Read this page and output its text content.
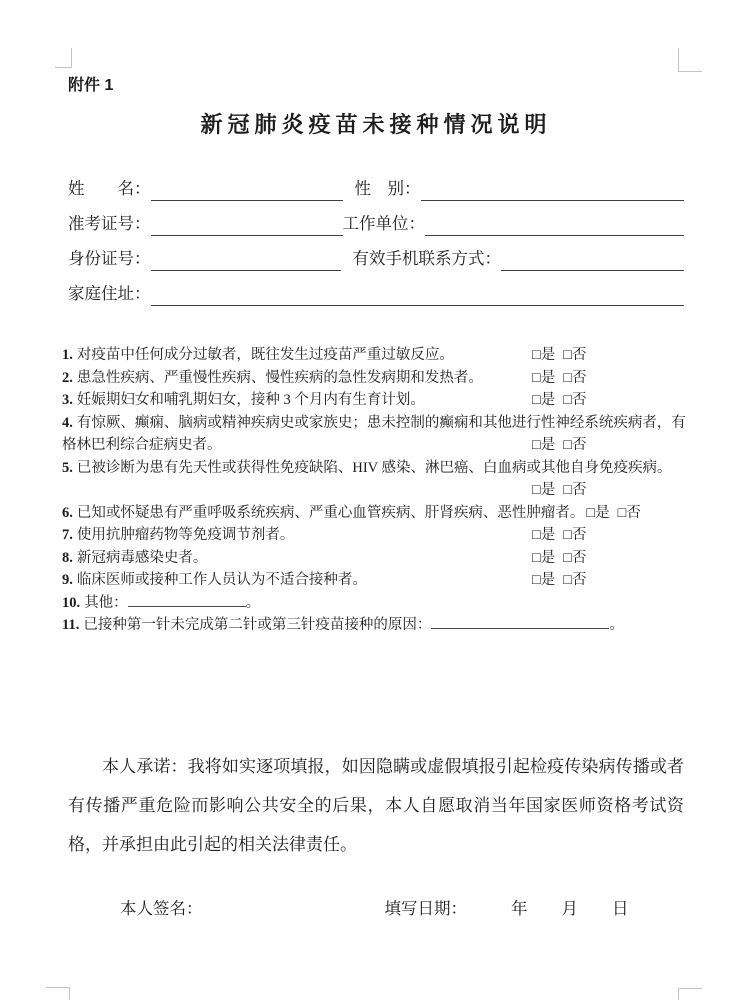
附件 1
新冠肺炎疫苗未接种情况说明
姓　　名：	性　别：
准考证号：	工作单位：
身份证号：	有效手机联系方式：
家庭住址：
1. 对疫苗中任何成分过敏者，既往发生过疫苗严重过敏反应。	□是 □否
2. 患急性疾病、严重慢性疾病、慢性疾病的急性发病期和发热者。	□是 □否
3. 妊娠期妇女和哺乳期妇女，接种 3 个月内有生育计划。	□是 □否
4. 有惊厥、癫痫、脑病或精神疾病史或家族史；患未控制的癫痫和其他进行性神经系统疾病者，有格林巴利综合症病史者。	□是 □否
5. 已被诊断为患有先天性或获得性免疫缺陷、HIV 感染、淋巴癌、白血病或其他自身免疫疾病。
□是 □否
6. 已知或怀疑患有严重呼吸系统疾病、严重心血管疾病、肝肾疾病、恶性肿瘤者。 □是 □否
7. 使用抗肿瘤药物等免疫调节剂者。	□是 □否
8. 新冠病毒感染史者。	□是 □否
9. 临床医师或接种工作人员认为不适合接种者。	□是 □否
10. 其他：	。
11. 已接种第一针未完成第二针或第三针疫苗接种的原因：	。
本人承诺：我将如实逐项填报，如因隐瞒或虚假填报引起检疫传染病传播或者有传播严重危险而影响公共安全的后果，本人自愿取消当年国家医师资格考试资格，并承担由此引起的相关法律责任。
本人签名：	填写日期：	年 月 日
